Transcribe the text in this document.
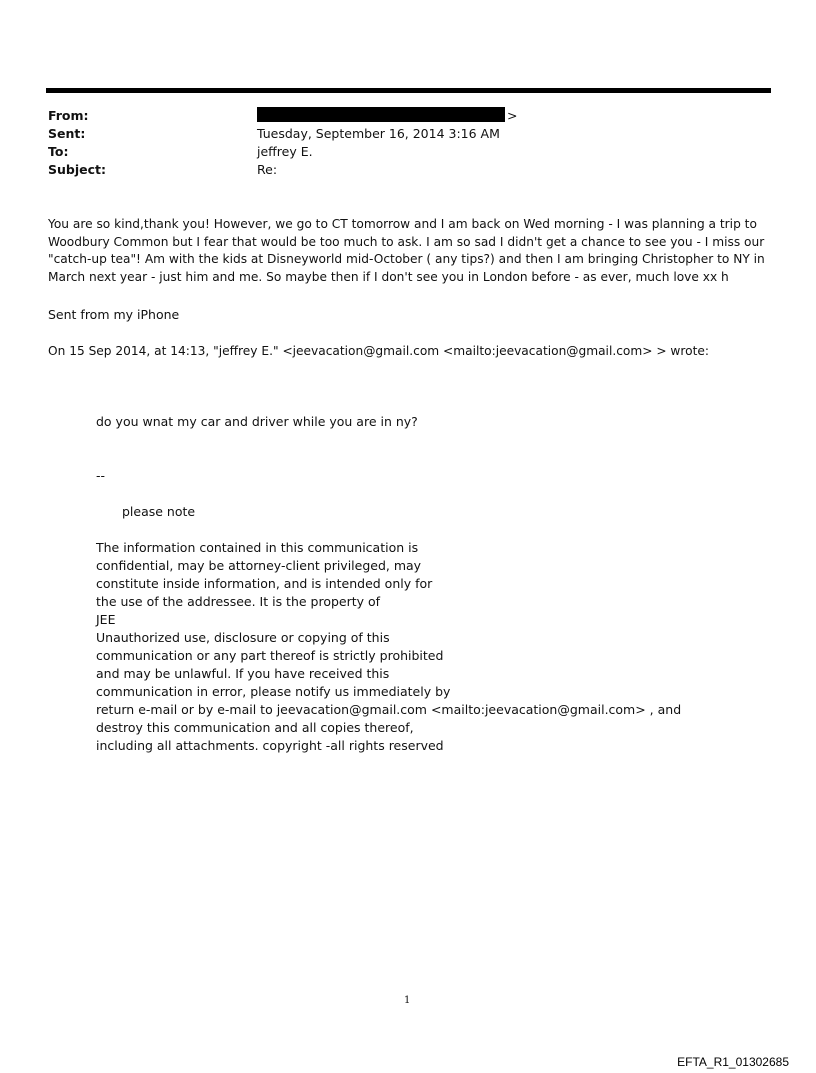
From:	>
Sent:	Tuesday, September 16, 2014 3:16 AM
To:	jeffrey E.
Subject:	Re:
You are so kind,thank you! However, we go to CT tomorrow and I am back on Wed morning - I was planning a trip to
Woodbury Common but I fear that would be too much to ask. I am so sad I didn't get a chance to see you - I miss our
"catch-up tea"! Am with the kids at Disneyworld mid-October ( any tips?) and then I am bringing Christopher to NY in
March next year - just him and me. So maybe then if I don't see you in London before - as ever, much love xx h
Sent from my iPhone
On 15 Sep 2014, at 14:13, "jeffrey E." <jeevacation@gmail.com <mailto:jeevacation@gmail.com> > wrote:
do you wnat my car and driver while you are in ny?
--
please note
The information contained in this communication is
confidential, may be attorney-client privileged, may
constitute inside information, and is intended only for
the use of the addressee. It is the property of
JEE
Unauthorized use, disclosure or copying of this
communication or any part thereof is strictly prohibited
and may be unlawful. If you have received this
communication in error, please notify us immediately by
return e-mail or by e-mail to jeevacation@gmail.com <mailto:jeevacation@gmail.com> , and
destroy this communication and all copies thereof,
including all attachments. copyright -all rights reserved
1
EFTA_R1_01302685
